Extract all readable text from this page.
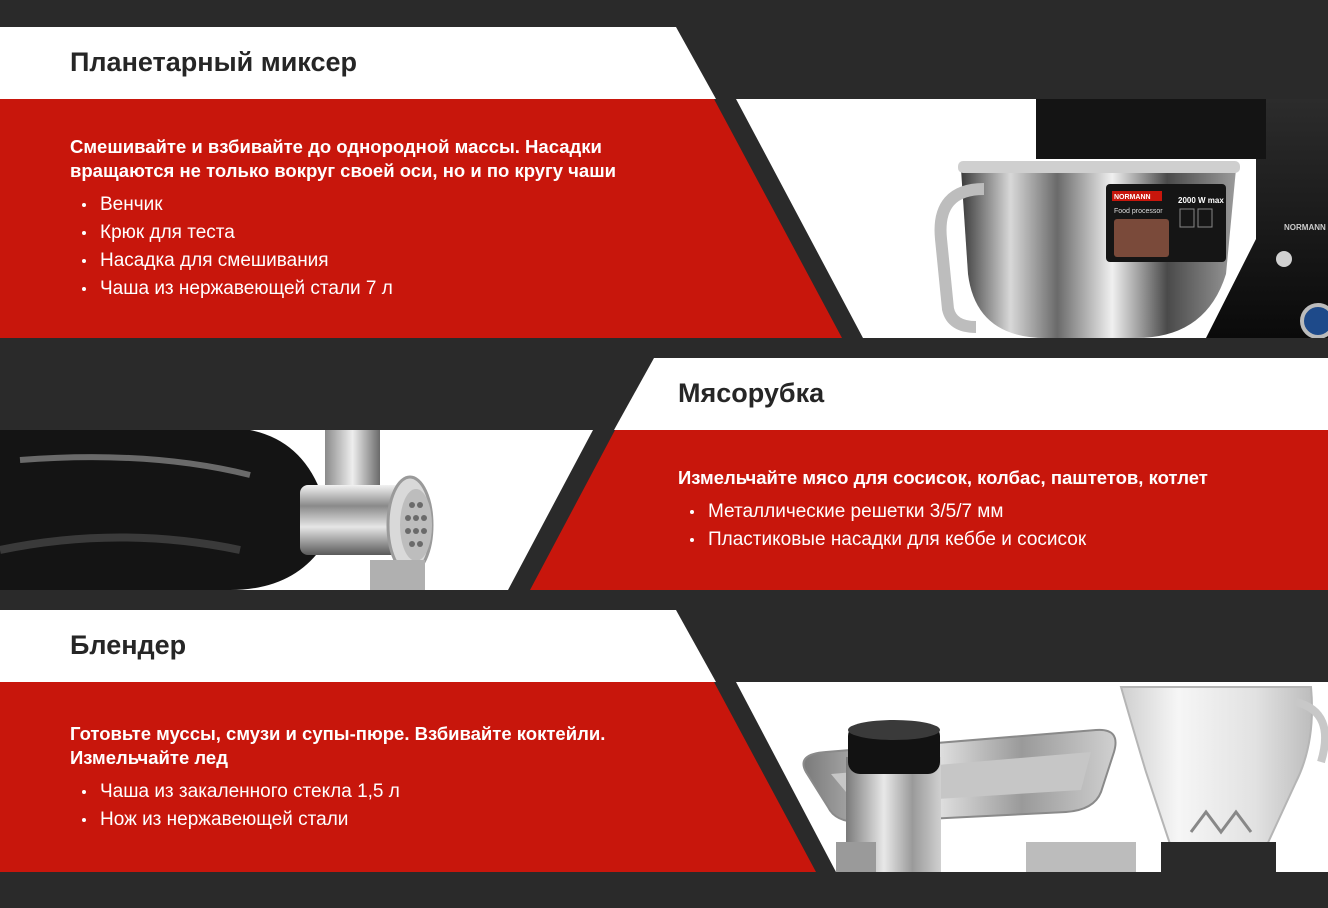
Планетарный миксер
Смешивайте и взбивайте до однородной массы. Насадки вращаются не только вокруг своей оси, но и по кругу чаши
Венчик
Крюк для теста
Насадка для смешивания
Чаша из нержавеющей стали 7 л
NORMANN	2000 W max
Food processor
NORMANN
Мясорубка
Измельчайте мясо для сосисок, колбас, паштетов, котлет
Металлические решетки 3/5/7 мм
Пластиковые насадки для кеббе и сосисок
Блендер
Готовьте муссы, смузи и супы-пюре. Взбивайте коктейли. Измельчайте лед
Чаша из закаленного стекла 1,5 л
Нож из нержавеющей стали
